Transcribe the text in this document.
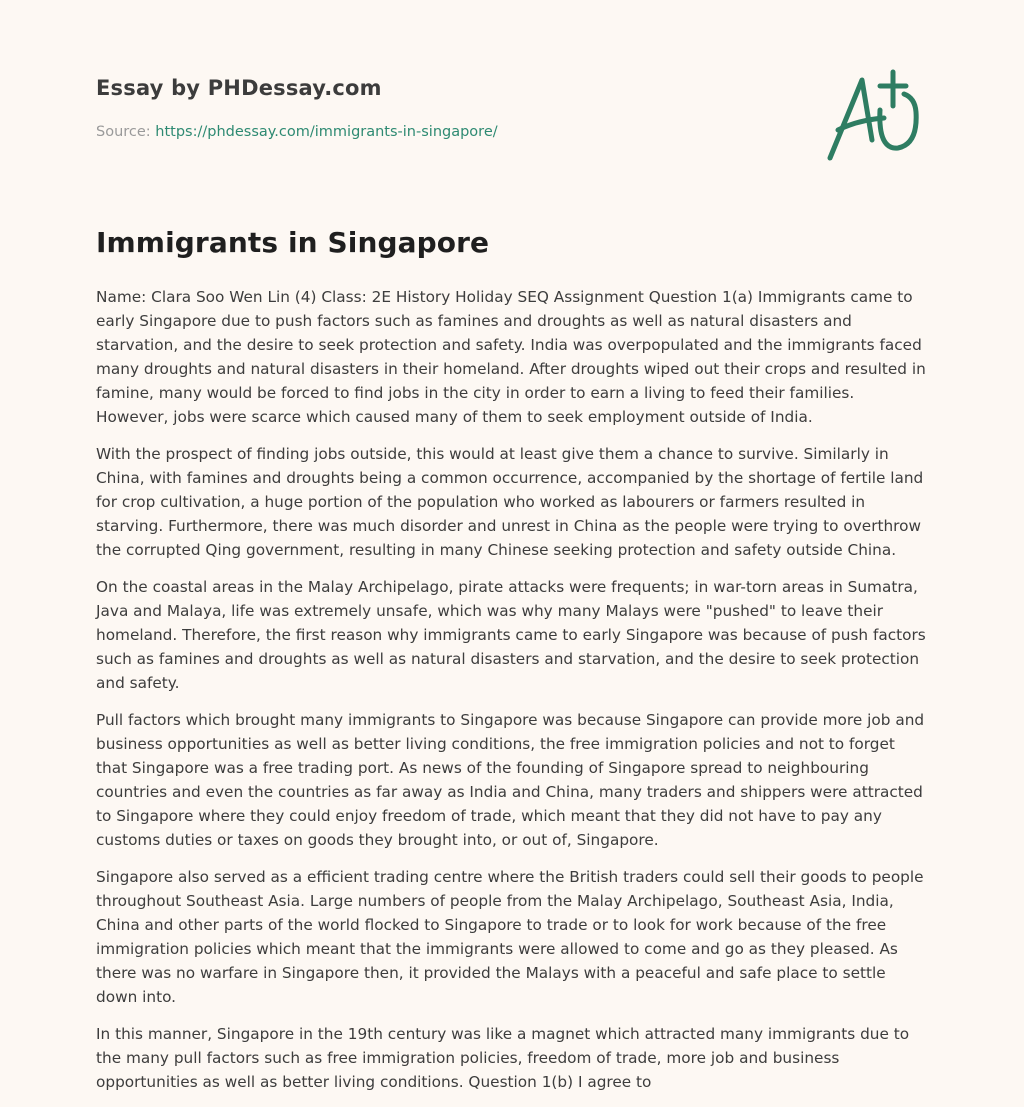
Essay by PHDessay.com
Source: https://phdessay.com/immigrants-in-singapore/
Immigrants in Singapore

Name: Clara Soo Wen Lin (4) Class: 2E History Holiday SEQ Assignment Question 1(a) Immigrants came to early Singapore due to push factors such as famines and droughts as well as natural disasters and starvation, and the desire to seek protection and safety. India was overpopulated and the immigrants faced many droughts and natural disasters in their homeland. After droughts wiped out their crops and resulted in famine, many would be forced to find jobs in the city in order to earn a living to feed their families. However, jobs were scarce which caused many of them to seek employment outside of India.

With the prospect of finding jobs outside, this would at least give them a chance to survive. Similarly in China, with famines and droughts being a common occurrence, accompanied by the shortage of fertile land for crop cultivation, a huge portion of the population who worked as labourers or farmers resulted in starving. Furthermore, there was much disorder and unrest in China as the people were trying to overthrow the corrupted Qing government, resulting in many Chinese seeking protection and safety outside China.

On the coastal areas in the Malay Archipelago, pirate attacks were frequents; in war-torn areas in Sumatra, Java and Malaya, life was extremely unsafe, which was why many Malays were "pushed" to leave their homeland. Therefore, the first reason why immigrants came to early Singapore was because of push factors such as famines and droughts as well as natural disasters and starvation, and the desire to seek protection and safety.

Pull factors which brought many immigrants to Singapore was because Singapore can provide more job and business opportunities as well as better living conditions, the free immigration policies and not to forget that Singapore was a free trading port. As news of the founding of Singapore spread to neighbouring countries and even the countries as far away as India and China, many traders and shippers were attracted to Singapore where they could enjoy freedom of trade, which meant that they did not have to pay any customs duties or taxes on goods they brought into, or out of, Singapore.

Singapore also served as a efficient trading centre where the British traders could sell their goods to people throughout Southeast Asia. Large numbers of people from the Malay Archipelago, Southeast Asia, India, China and other parts of the world flocked to Singapore to trade or to look for work because of the free immigration policies which meant that the immigrants were allowed to come and go as they pleased. As there was no warfare in Singapore then, it provided the Malays with a peaceful and safe place to settle down into.

In this manner, Singapore in the 19th century was like a magnet which attracted many immigrants due to the many pull factors such as free immigration policies, freedom of trade, more job and business opportunities as well as better living conditions. Question 1(b) I agree to
